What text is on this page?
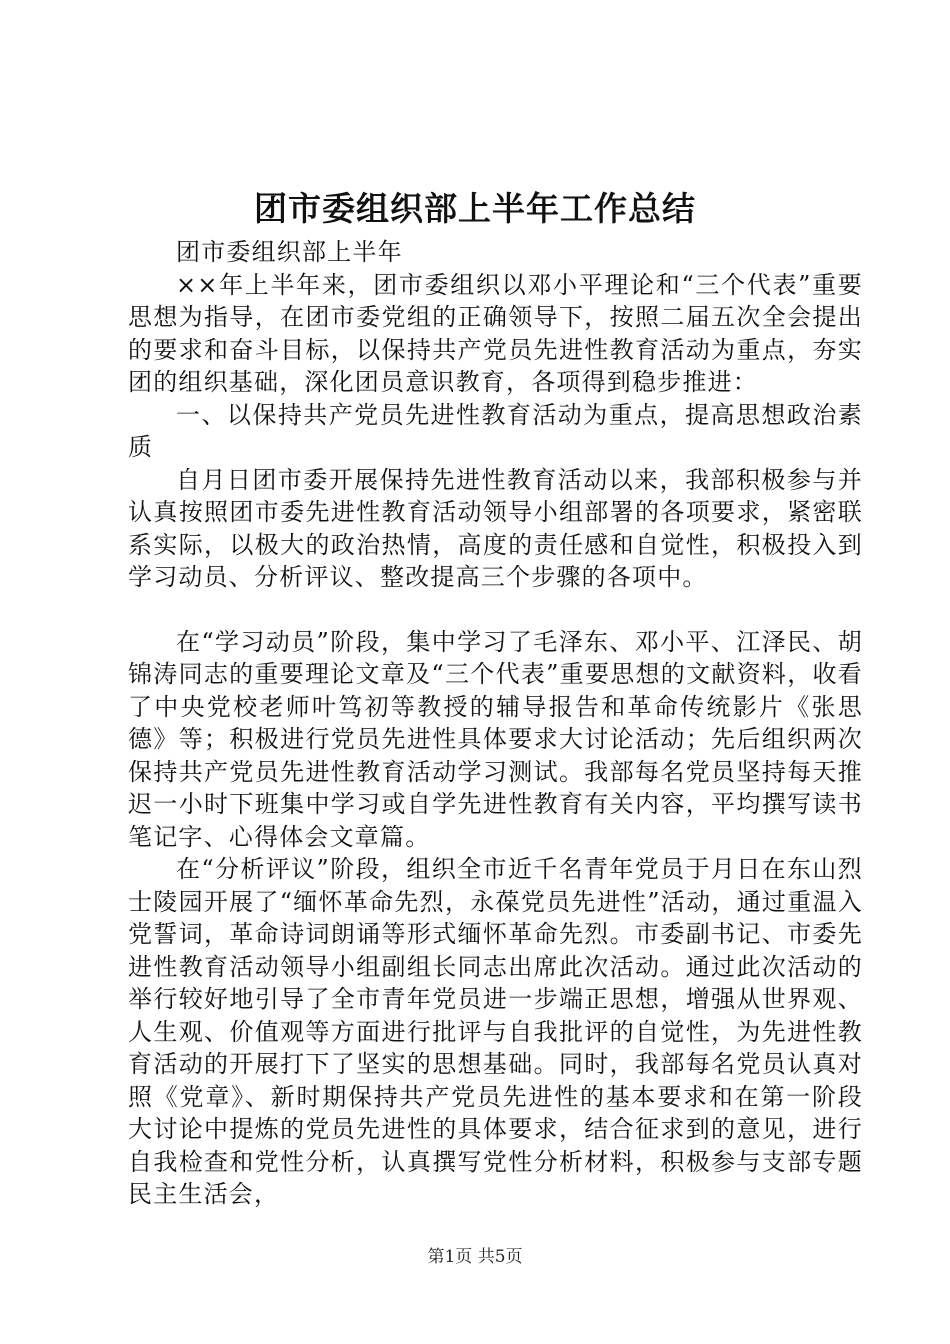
团市委组织部上半年工作总结

团市委组织部上半年

××年上半年来，团市委组织以邓小平理论和“三个代表”重要思想为指导，在团市委党组的正确领导下，按照二届五次全会提出的要求和奋斗目标，以保持共产党员先进性教育活动为重点，夯实团的组织基础，深化团员意识教育，各项得到稳步推进：

一、以保持共产党员先进性教育活动为重点，提高思想政治素质

自月日团市委开展保持先进性教育活动以来，我部积极参与并认真按照团市委先进性教育活动领导小组部署的各项要求，紧密联系实际，以极大的政治热情，高度的责任感和自觉性，积极投入到学习动员、分析评议、整改提高三个步骤的各项中。

在“学习动员”阶段，集中学习了毛泽东、邓小平、江泽民、胡锦涛同志的重要理论文章及“三个代表”重要思想的文献资料，收看了中央党校老师叶笃初等教授的辅导报告和革命传统影片《张思德》等；积极进行党员先进性具体要求大讨论活动；先后组织两次保持共产党员先进性教育活动学习测试。我部每名党员坚持每天推迟一小时下班集中学习或自学先进性教育有关内容，平均撰写读书笔记字、心得体会文章篇。

在“分析评议”阶段，组织全市近千名青年党员于月日在东山烈士陵园开展了“缅怀革命先烈，永葆党员先进性”活动，通过重温入党誓词，革命诗词朗诵等形式缅怀革命先烈。市委副书记、市委先进性教育活动领导小组副组长同志出席此次活动。通过此次活动的举行较好地引导了全市青年党员进一步端正思想，增强从世界观、人生观、价值观等方面进行批评与自我批评的自觉性，为先进性教育活动的开展打下了坚实的思想基础。同时，我部每名党员认真对照《党章》、新时期保持共产党员先进性的基本要求和在第一阶段大讨论中提炼的党员先进性的具体要求，结合征求到的意见，进行自我检查和党性分析，认真撰写党性分析材料，积极参与支部专题民主生活会，

第1页 共5页
